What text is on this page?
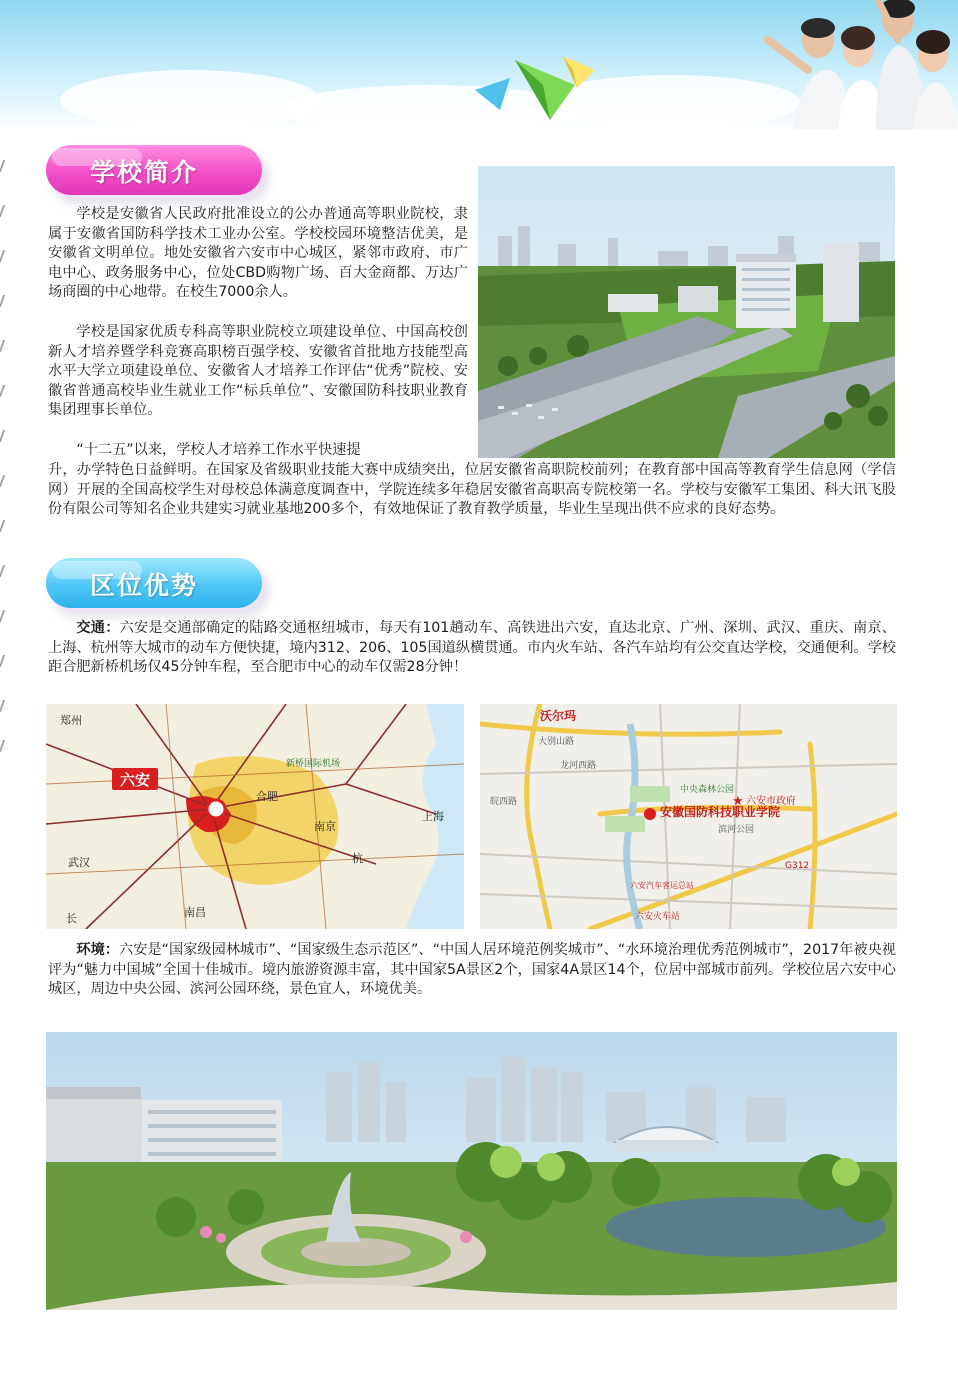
学校简介
学校是安徽省人民政府批准设立的公办普通高等职业院校，隶属于安徽省国防科学技术工业办公室。学校校园环境整洁优美，是安徽省文明单位。地处安徽省六安市中心城区，紧邻市政府、市广电中心、政务服务中心，位处CBD购物广场、百大金商都、万达广场商圈的中心地带。在校生7000余人。
学校是国家优质专科高等职业院校立项建设单位、中国高校创新人才培养暨学科竞赛高职榜百强学校、安徽省首批地方技能型高水平大学立项建设单位、安徽省人才培养工作评估“优秀”院校、安徽省普通高校毕业生就业工作“标兵单位”、安徽国防科技职业教育集团理事长单位。
“十二五”以来，学校人才培养工作水平快速提
升，办学特色日益鲜明。在国家及省级职业技能大赛中成绩突出，位居安徽省高职院校前列；在教育部中国高等教育学生信息网（学信网）开展的全国高校学生对母校总体满意度调查中，学院连续多年稳居安徽省高职高专院校第一名。学校与安徽军工集团、科大讯飞股份有限公司等知名企业共建实习就业基地200多个，有效地保证了教育教学质量，毕业生呈现出供不应求的良好态势。
区位优势
交通：六安是交通部确定的陆路交通枢纽城市，每天有101趟动车、高铁进出六安，直达北京、广州、深圳、武汉、重庆、南京、上海、杭州等大城市的动车方便快捷，境内312、206、105国道纵横贯通。市内火车站、各汽车站均有公交直达学校，交通便利。学校距合肥新桥机场仅45分钟车程，至合肥市中心的动车仅需28分钟！
六安
郑州
合肥
南京
上海
杭
武汉
南昌
长
新桥国际机场
★
沃尔玛
安徽国防科技职业学院
六安市政府
六安火车站
六安汽车客运总站
滨河公园
G312
大别山路
皖西路
龙河西路
中央森林公园
环境：六安是“国家级园林城市”、“国家级生态示范区”、“中国人居环境范例奖城市”、“水环境治理优秀范例城市”，2017年被央视评为“魅力中国城”全国十佳城市。境内旅游资源丰富，其中国家5A景区2个，国家4A景区14个，位居中部城市前列。学校位居六安中心城区，周边中央公园、滨河公园环绕，景色宜人，环境优美。
